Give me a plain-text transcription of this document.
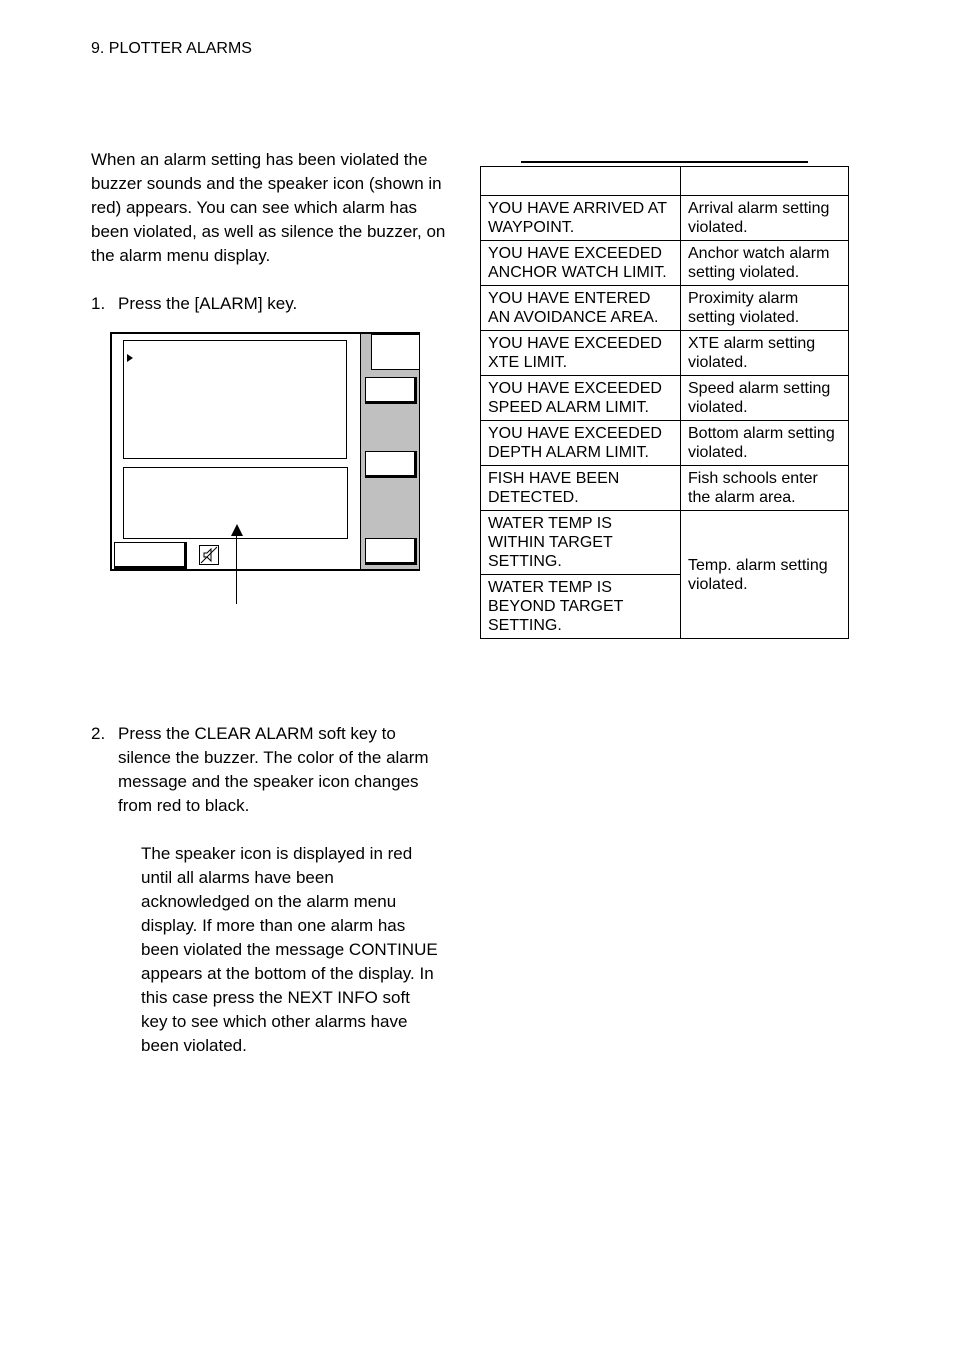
9. PLOTTER ALARMS
When an alarm setting has been violated the buzzer sounds and the speaker icon (shown in red) appears. You can see which alarm has been violated, as well as silence the buzzer, on the alarm menu display.
1. Press the [ALARM] key.
2. Press the CLEAR ALARM soft key to silence the buzzer. The color of the alarm message and the speaker icon changes from red to black.
The speaker icon is displayed in red until all alarms have been acknowledged on the alarm menu display. If more than one alarm has been violated the message CONTINUE appears at the bottom of the display. In this case press the NEXT INFO soft key to see which other alarms have been violated.

YOU HAVE ARRIVED AT WAYPOINT.	Arrival alarm setting violated.
YOU HAVE EXCEEDED ANCHOR WATCH LIMIT.	Anchor watch alarm setting violated.
YOU HAVE ENTERED AN AVOIDANCE AREA.	Proximity alarm setting violated.
YOU HAVE EXCEEDED XTE LIMIT.	XTE alarm setting violated.
YOU HAVE EXCEEDED SPEED ALARM LIMIT.	Speed alarm setting violated.
YOU HAVE EXCEEDED DEPTH ALARM LIMIT.	Bottom alarm setting violated.
FISH HAVE BEEN DETECTED.	Fish schools enter the alarm area.
WATER TEMP IS WITHIN TARGET SETTING.	Temp. alarm setting violated.
WATER TEMP IS BEYOND TARGET SETTING.	
